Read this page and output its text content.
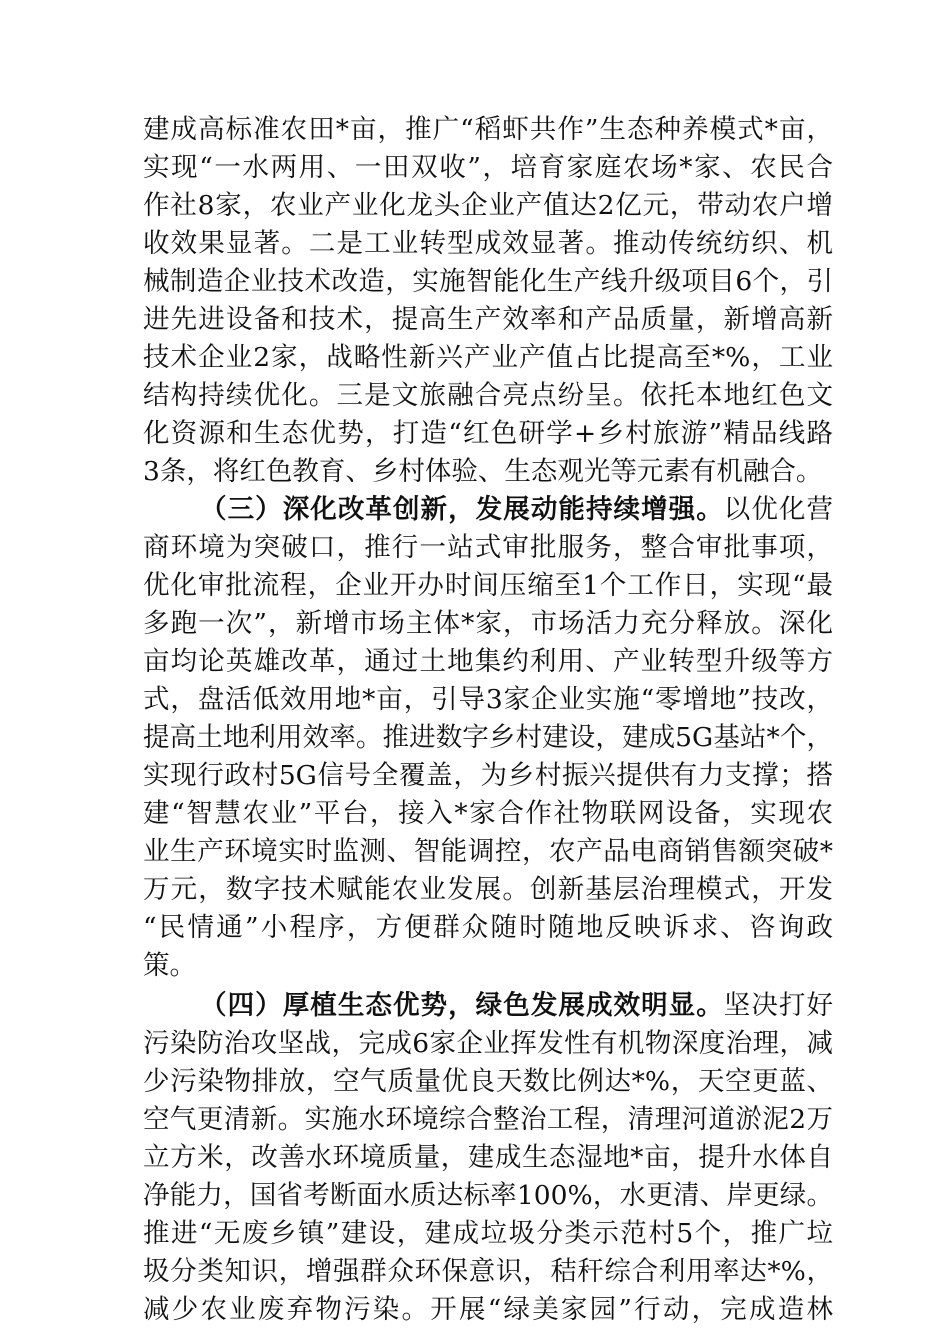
建成高标准农田*亩，推广“稻虾共作”生态种养模式*亩，
实现“一水两用、一田双收”，培育家庭农场*家、农民合
作社8家，农业产业化龙头企业产值达2亿元，带动农户增
收效果显著。二是工业转型成效显著。推动传统纺织、机
械制造企业技术改造，实施智能化生产线升级项目6个，引
进先进设备和技术，提高生产效率和产品质量，新增高新
技术企业2家，战略性新兴产业产值占比提高至*%，工业
结构持续优化。三是文旅融合亮点纷呈。依托本地红色文
化资源和生态优势，打造“红色研学+乡村旅游”精品线路
3条，将红色教育、乡村体验、生态观光等元素有机融合。
（三）深化改革创新，发展动能持续增强。以优化营
商环境为突破口，推行一站式审批服务，整合审批事项，
优化审批流程，企业开办时间压缩至1个工作日，实现“最
多跑一次”，新增市场主体*家，市场活力充分释放。深化
亩均论英雄改革，通过土地集约利用、产业转型升级等方
式，盘活低效用地*亩，引导3家企业实施“零增地”技改，
提高土地利用效率。推进数字乡村建设，建成5G基站*个，
实现行政村5G信号全覆盖，为乡村振兴提供有力支撑；搭
建“智慧农业”平台，接入*家合作社物联网设备，实现农
业生产环境实时监测、智能调控，农产品电商销售额突破*
万元，数字技术赋能农业发展。创新基层治理模式，开发
“民情通”小程序，方便群众随时随地反映诉求、咨询政
策。
（四）厚植生态优势，绿色发展成效明显。坚决打好
污染防治攻坚战，完成6家企业挥发性有机物深度治理，减
少污染物排放，空气质量优良天数比例达*%，天空更蓝、
空气更清新。实施水环境综合整治工程，清理河道淤泥2万
立方米，改善水环境质量，建成生态湿地*亩，提升水体自
净能力，国省考断面水质达标率100%，水更清、岸更绿。
推进“无废乡镇”建设，建成垃圾分类示范村5个，推广垃
圾分类知识，增强群众环保意识，秸秆综合利用率达*%，
减少农业废弃物污染。开展“绿美家园”行动，完成造林
